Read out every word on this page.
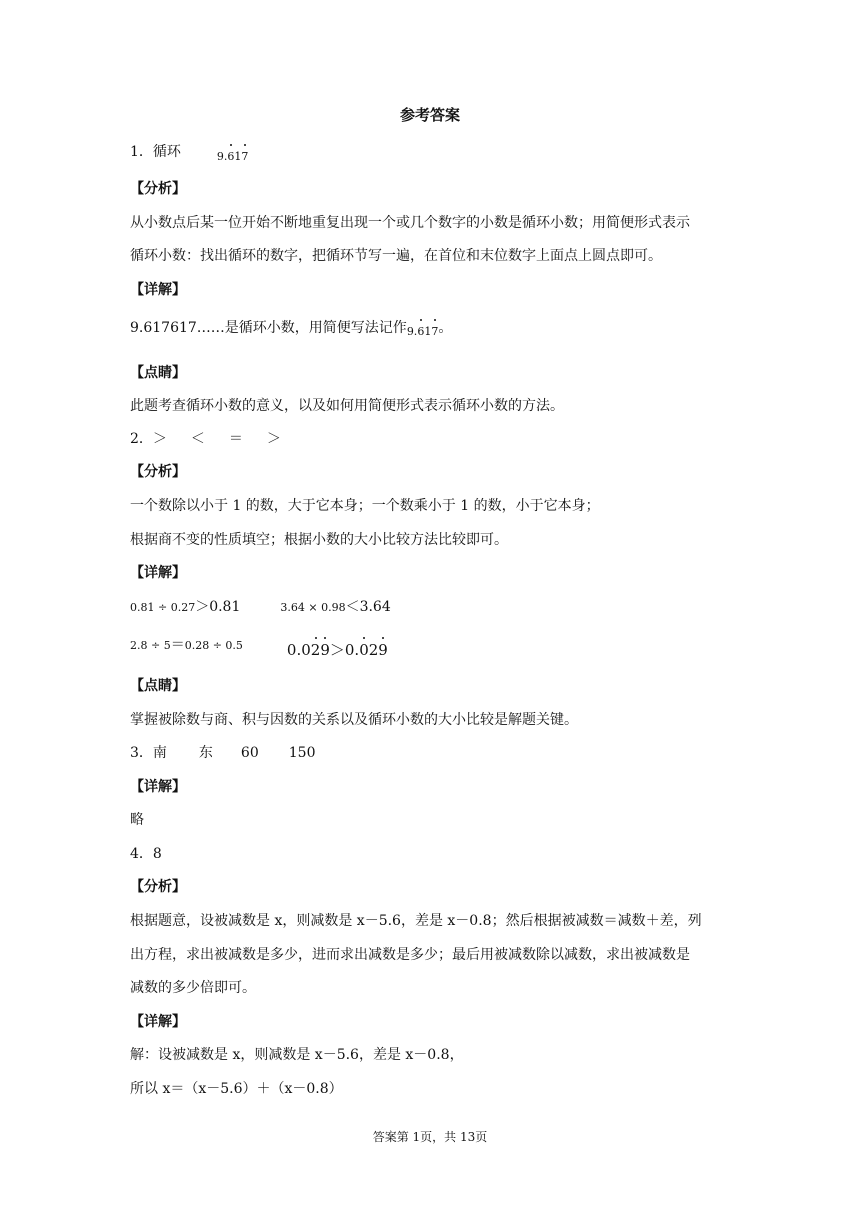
参考答案
1．循环	$_{9.617}$
【分析】
从小数点后某一位开始不断地重复出现一个或几个数字的小数是循环小数；用简便形式表示
循环小数：找出循环的数字，把循环节写一遍，在首位和末位数字上面点上圆点即可。
【详解】
9.617617……是循环小数，用简便写法记作$_{9.617}$。
【点睛】
此题考查循环小数的意义，以及如何用简便形式表示循环小数的方法。
2．＞ ＜ ＝ ＞
【分析】
一个数除以小于 1 的数，大于它本身；一个数乘小于 1 的数，小于它本身；
根据商不变的性质填空；根据小数的大小比较方法比较即可。
【详解】
0.81 ÷ 0.27＞0.81	3.64 × 0.98＜3.64
2.8 ÷ 5＝0.28 ÷ 0.5	0.029＞0.029
【点睛】
掌握被除数与商、积与因数的关系以及循环小数的大小比较是解题关键。
3．南 东 60 150
【详解】
略
4．8
【分析】
根据题意，设被减数是 x，则减数是 x－5.6，差是 x－0.8；然后根据被减数＝减数＋差，列
出方程，求出被减数是多少，进而求出减数是多少；最后用被减数除以减数，求出被减数是
减数的多少倍即可。
【详解】
解：设被减数是 x，则减数是 x－5.6，差是 x－0.8，
所以 x＝（x－5.6）＋（x－0.8）
答案第 1页，共 13页
